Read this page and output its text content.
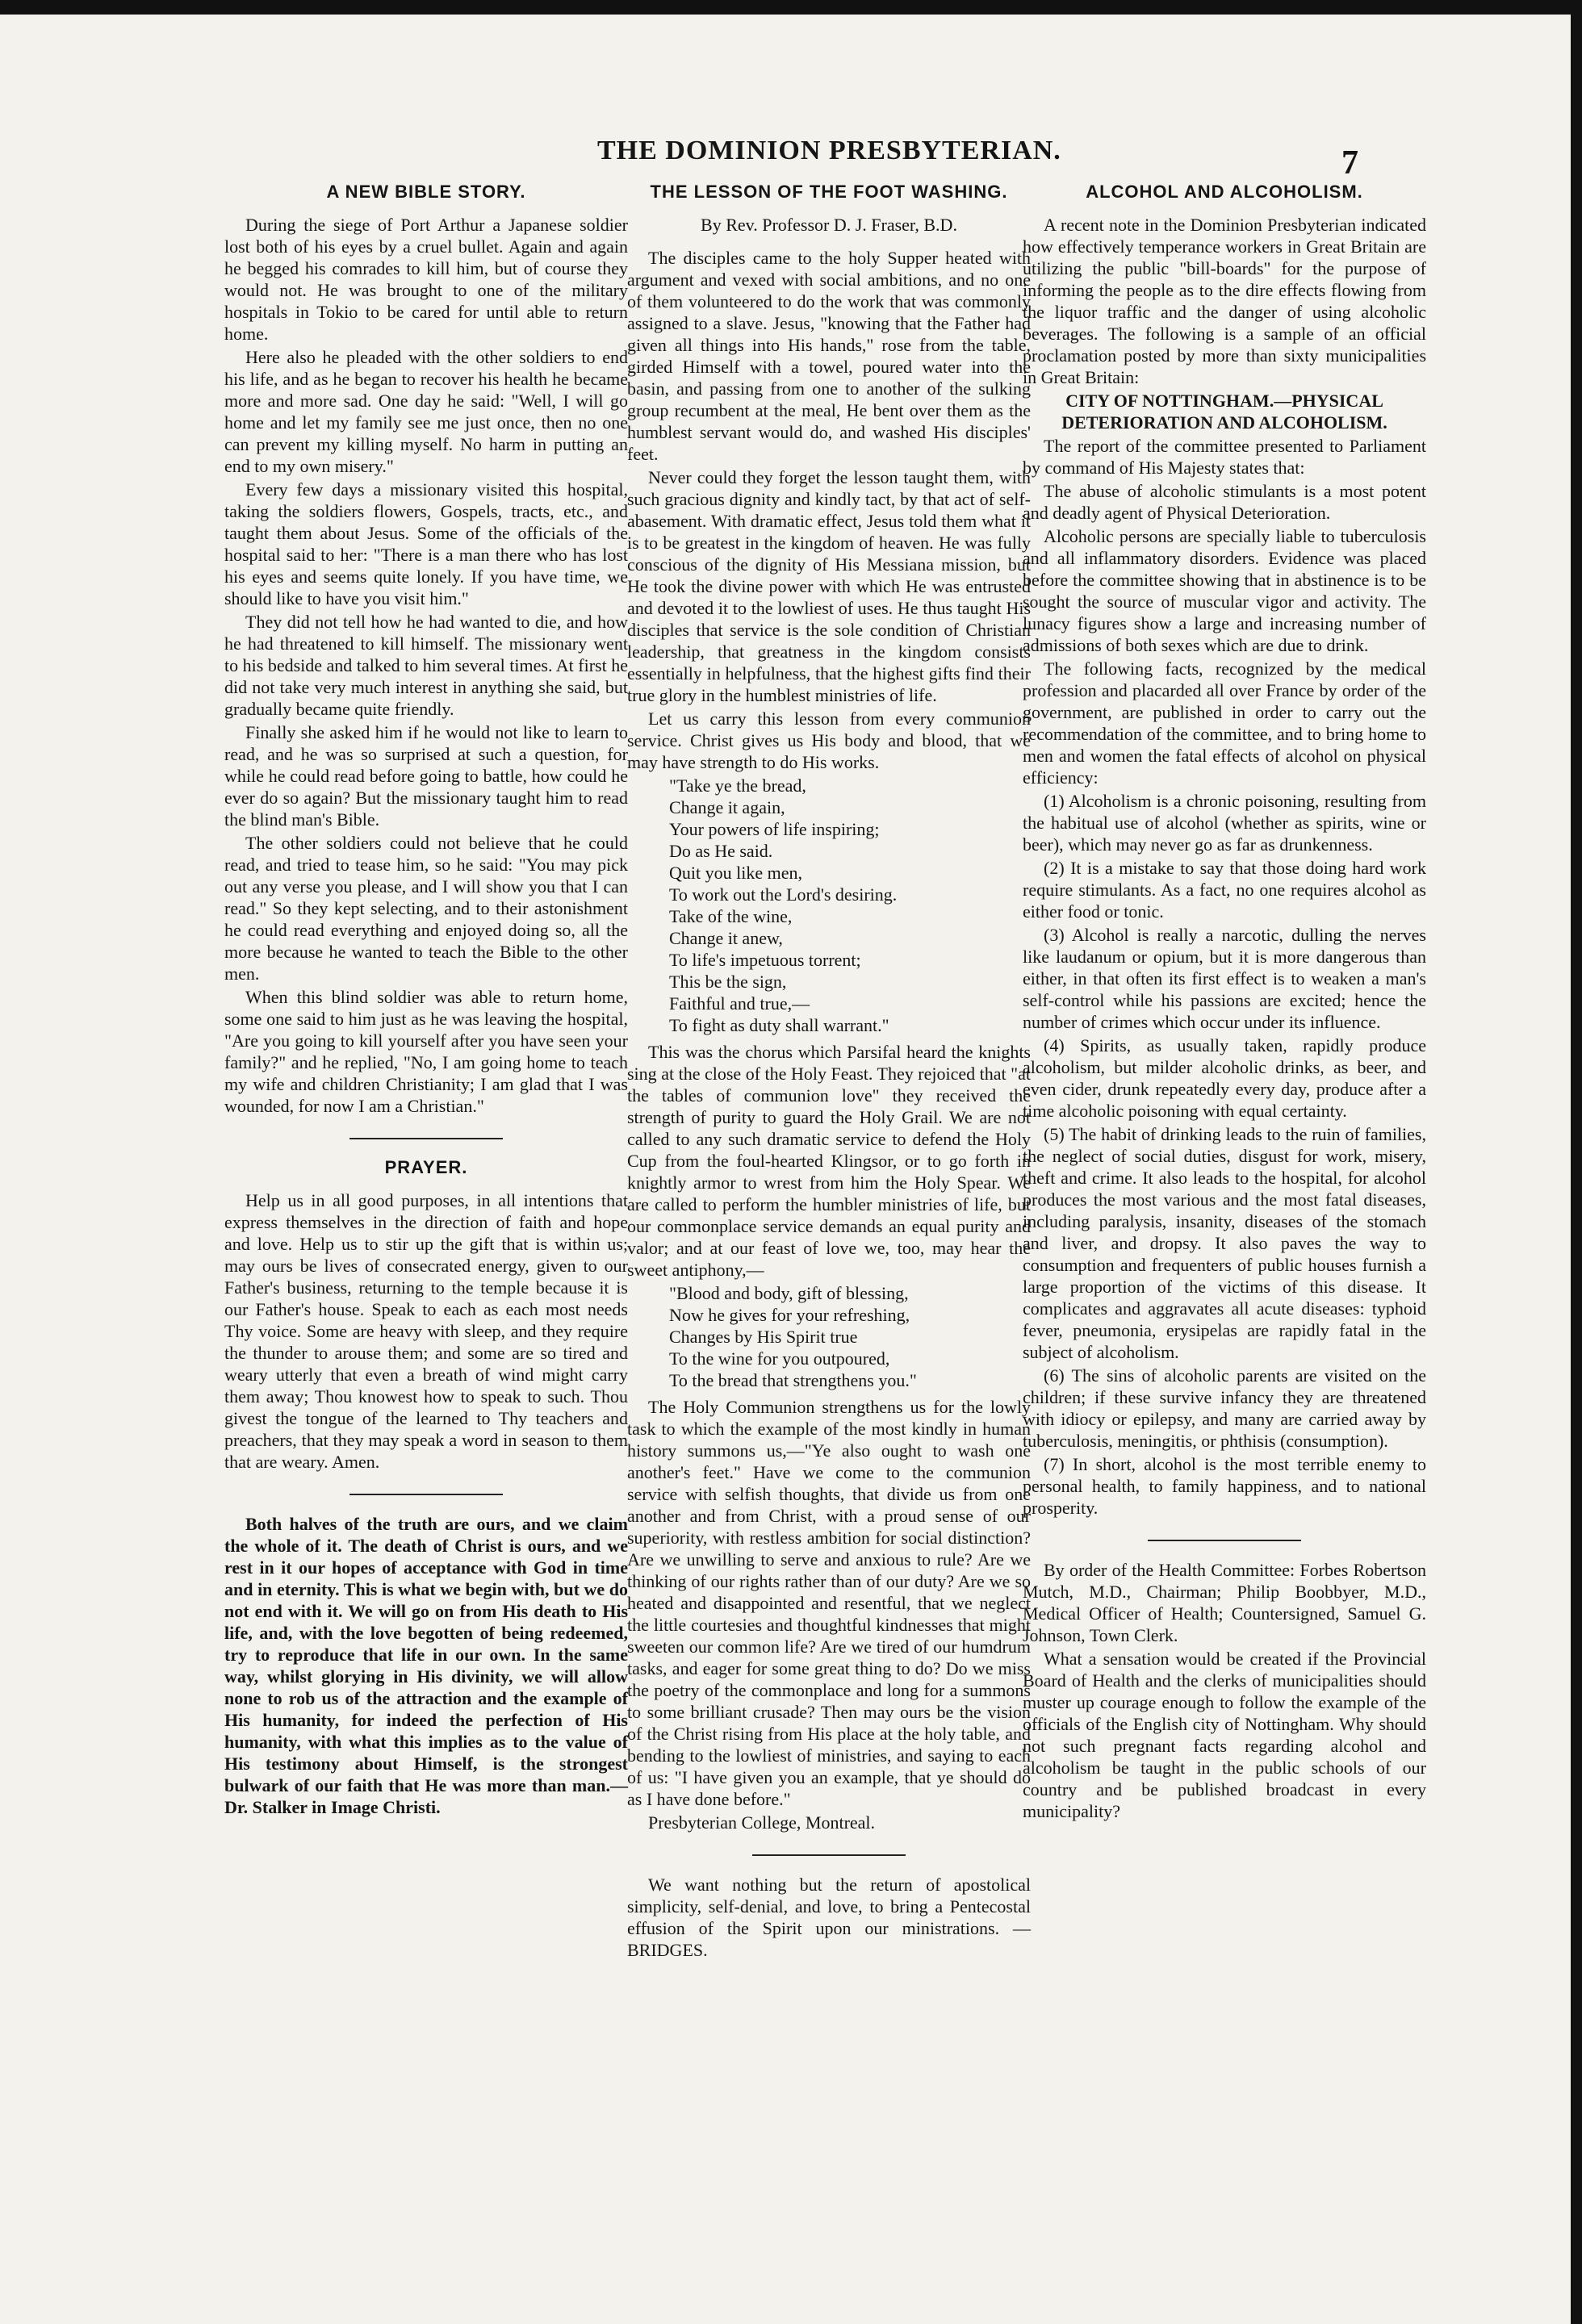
THE DOMINION PRESBYTERIAN.	7
A NEW BIBLE STORY.

During the siege of Port Arthur a Japanese soldier lost both of his eyes by a cruel bullet. Again and again he begged his comrades to kill him, but of course they would not. He was brought to one of the military hospitals in Tokio to be cared for until able to return home.

Here also he pleaded with the other soldiers to end his life, and as he began to recover his health he became more and more sad. One day he said: "Well, I will go home and let my family see me just once, then no one can prevent my killing myself. No harm in putting an end to my own misery."

Every few days a missionary visited this hospital, taking the soldiers flowers, Gospels, tracts, etc., and taught them about Jesus. Some of the officials of the hospital said to her: "There is a man there who has lost his eyes and seems quite lonely. If you have time, we should like to have you visit him."

They did not tell how he had wanted to die, and how he had threatened to kill himself. The missionary went to his bedside and talked to him several times. At first he did not take very much interest in anything she said, but gradually became quite friendly.

Finally she asked him if he would not like to learn to read, and he was so surprised at such a question, for while he could read before going to battle, how could he ever do so again? But the missionary taught him to read the blind man's Bible.

The other soldiers could not believe that he could read, and tried to tease him, so he said: "You may pick out any verse you please, and I will show you that I can read." So they kept selecting, and to their astonishment he could read everything and enjoyed doing so, all the more because he wanted to teach the Bible to the other men.

When this blind soldier was able to return home, some one said to him just as he was leaving the hospital, "Are you going to kill yourself after you have seen your family?" and he replied, "No, I am going home to teach my wife and children Christianity; I am glad that I was wounded, for now I am a Christian."

PRAYER.

Help us in all good purposes, in all intentions that express themselves in the direction of faith and hope and love. Help us to stir up the gift that is within us; may ours be lives of consecrated energy, given to our Father's business, returning to the temple because it is our Father's house. Speak to each as each most needs Thy voice. Some are heavy with sleep, and they require the thunder to arouse them; and some are so tired and weary utterly that even a breath of wind might carry them away; Thou knowest how to speak to such. Thou givest the tongue of the learned to Thy teachers and preachers, that they may speak a word in season to them that are weary. Amen.

Both halves of the truth are ours, and we claim the whole of it. The death of Christ is ours, and we rest in it our hopes of acceptance with God in time and in eternity. This is what we begin with, but we do not end with it. We will go on from His death to His life, and, with the love begotten of being redeemed, try to reproduce that life in our own. In the same way, whilst glorying in His divinity, we will allow none to rob us of the attraction and the example of His humanity, for indeed the perfection of His humanity, with what this implies as to the value of His testimony about Himself, is the strongest bulwark of our faith that He was more than man.—Dr. Stalker in Image Christi.

THE LESSON OF THE FOOT WASHING.
By Rev. Professor D. J. Fraser, B.D.

The disciples came to the holy Supper heated with argument and vexed with social ambitions, and no one of them volunteered to do the work that was commonly assigned to a slave. Jesus, "knowing that the Father had given all things into His hands," rose from the table, girded Himself with a towel, poured water into the basin, and passing from one to another of the sulking group recumbent at the meal, He bent over them as the humblest servant would do, and washed His disciples' feet.

Never could they forget the lesson taught them, with such gracious dignity and kindly tact, by that act of self-abasement. With dramatic effect, Jesus told them what it is to be greatest in the kingdom of heaven. He was fully conscious of the dignity of His Messiana mission, but He took the divine power with which He was entrusted and devoted it to the lowliest of uses. He thus taught His disciples that service is the sole condition of Christian leadership, that greatness in the kingdom consists essentially in helpfulness, that the highest gifts find their true glory in the humblest ministries of life.

Let us carry this lesson from every communion service. Christ gives us His body and blood, that we may have strength to do His works.

"Take ye the bread,
Change it again,
Your powers of life inspiring;
Do as He said.
Quit you like men,
To work out the Lord's desiring.
Take of the wine,
Change it anew,
To life's impetuous torrent;
This be the sign,
Faithful and true,—
To fight as duty shall warrant."

This was the chorus which Parsifal heard the knights sing at the close of the Holy Feast. They rejoiced that "at the tables of communion love" they received the strength of purity to guard the Holy Grail. We are not called to any such dramatic service to defend the Holy Cup from the foul-hearted Klingsor, or to go forth in knightly armor to wrest from him the Holy Spear. We are called to perform the humbler ministries of life, but our commonplace service demands an equal purity and valor; and at our feast of love we, too, may hear the sweet antiphony,—

"Blood and body, gift of blessing,
Now he gives for your refreshing,
Changes by His Spirit true
To the wine for you outpoured,
To the bread that strengthens you."

The Holy Communion strengthens us for the lowly task to which the example of the most kindly in human history summons us,—"Ye also ought to wash one another's feet." Have we come to the communion service with selfish thoughts, that divide us from one another and from Christ, with a proud sense of our superiority, with restless ambition for social distinction? Are we unwilling to serve and anxious to rule? Are we thinking of our rights rather than of our duty? Are we so heated and disappointed and resentful, that we neglect the little courtesies and thoughtful kindnesses that might sweeten our common life? Are we tired of our humdrum tasks, and eager for some great thing to do? Do we miss the poetry of the commonplace and long for a summons to some brilliant crusade? Then may ours be the vision of the Christ rising from His place at the holy table, and bending to the lowliest of ministries, and saying to each of us: "I have given you an example, that ye should do as I have done before."

Presbyterian College, Montreal.

We want nothing but the return of apostolical simplicity, self-denial, and love, to bring a Pentecostal effusion of the Spirit upon our ministrations. —BRIDGES.

ALCOHOL AND ALCOHOLISM.

A recent note in the Dominion Presbyterian indicated how effectively temperance workers in Great Britain are utilizing the public "bill-boards" for the purpose of informing the people as to the dire effects flowing from the liquor traffic and the danger of using alcoholic beverages. The following is a sample of an official proclamation posted by more than sixty municipalities in Great Britain:

CITY OF NOTTINGHAM.—PHYSICAL DETERIORATION AND ALCOHOLISM.

The report of the committee presented to Parliament by command of His Majesty states that:

The abuse of alcoholic stimulants is a most potent and deadly agent of Physical Deterioration.

Alcoholic persons are specially liable to tuberculosis and all inflammatory disorders. Evidence was placed before the committee showing that in abstinence is to be sought the source of muscular vigor and activity. The lunacy figures show a large and increasing number of admissions of both sexes which are due to drink.

The following facts, recognized by the medical profession and placarded all over France by order of the government, are published in order to carry out the recommendation of the committee, and to bring home to men and women the fatal effects of alcohol on physical efficiency:

(1) Alcoholism is a chronic poisoning, resulting from the habitual use of alcohol (whether as spirits, wine or beer), which may never go as far as drunkenness.

(2) It is a mistake to say that those doing hard work require stimulants. As a fact, no one requires alcohol as either food or tonic.

(3) Alcohol is really a narcotic, dulling the nerves like laudanum or opium, but it is more dangerous than either, in that often its first effect is to weaken a man's self-control while his passions are excited; hence the number of crimes which occur under its influence.

(4) Spirits, as usually taken, rapidly produce alcoholism, but milder alcoholic drinks, as beer, and even cider, drunk repeatedly every day, produce after a time alcoholic poisoning with equal certainty.

(5) The habit of drinking leads to the ruin of families, the neglect of social duties, disgust for work, misery, theft and crime. It also leads to the hospital, for alcohol produces the most various and the most fatal diseases, including paralysis, insanity, diseases of the stomach and liver, and dropsy. It also paves the way to consumption and frequenters of public houses furnish a large proportion of the victims of this disease. It complicates and aggravates all acute diseases: typhoid fever, pneumonia, erysipelas are rapidly fatal in the subject of alcoholism.

(6) The sins of alcoholic parents are visited on the children; if these survive infancy they are threatened with idiocy or epilepsy, and many are carried away by tuberculosis, meningitis, or phthisis (consumption).

(7) In short, alcohol is the most terrible enemy to personal health, to family happiness, and to national prosperity.

By order of the Health Committee: Forbes Robertson Mutch, M.D., Chairman; Philip Boobbyer, M.D., Medical Officer of Health; Countersigned, Samuel G. Johnson, Town Clerk.

What a sensation would be created if the Provincial Board of Health and the clerks of municipalities should muster up courage enough to follow the example of the officials of the English city of Nottingham. Why should not such pregnant facts regarding alcohol and alcoholism be taught in the public schools of our country and be published broadcast in every municipality?
